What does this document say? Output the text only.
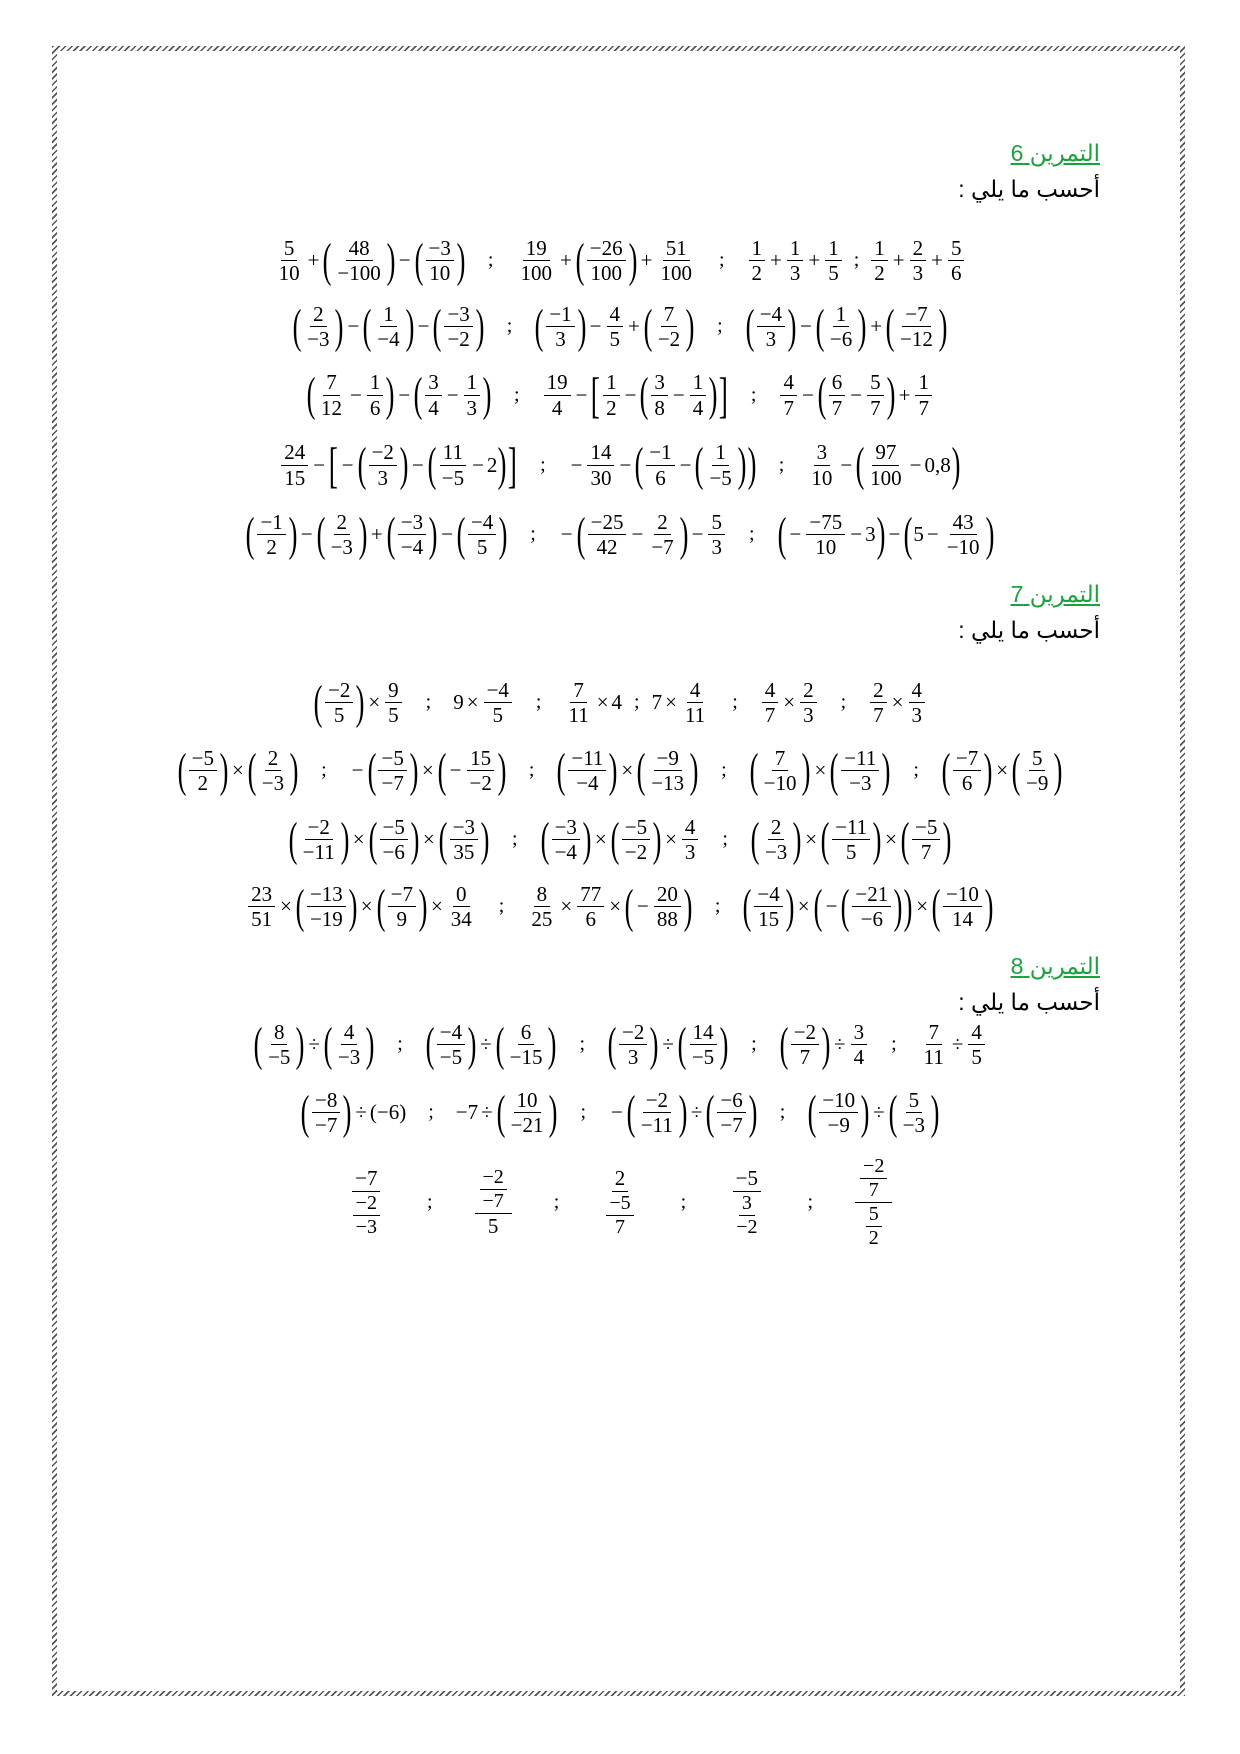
التمرين 6
أحسب ما يلي :
$\frac{5}{10}$ + ( $\frac{48}{-100}$ ) − ( $\frac{-3}{10}$ ) ; $\frac{19}{100}$ + ( $\frac{-26}{100}$ ) + $\frac{51}{100}$ ; $\frac{1}{2} + \frac{1}{3} + \frac{1}{5}$ ; $\frac{1}{2} + \frac{2}{3} + \frac{5}{6}$
( $\frac{2}{-3}$ ) − ( $\frac{1}{-4}$ ) − ( $\frac{-3}{-2}$ ) ; ( $\frac{-1}{3}$ ) − $\frac{4}{5}$ + ( $\frac{7}{-2}$ ) ; ( $\frac{-4}{3}$ ) − ( $\frac{1}{-6}$ ) + ( $\frac{-7}{-12}$ )
( $\frac{7}{12} - \frac{1}{6}$ ) − ( $\frac{3}{4} - \frac{1}{3}$ ) ; $\frac{19}{4}$ − [ $\frac{1}{2}$ − ( $\frac{3}{8} - \frac{1}{4}$ ) ] ; $\frac{4}{7}$ − ( $\frac{6}{7} - \frac{5}{7}$ ) + $\frac{1}{7}$
$\frac{24}{15}$ − [ − ( $\frac{-2}{3}$ ) − ( $\frac{11}{-5} - 2$ ) ] ; − $\frac{14}{30}$ − ( $\frac{-1}{6}$ − ( $\frac{1}{-5}$ ) ) ; $\frac{3}{10}$ − ( $\frac{97}{100} - 0,8$ )
( $\frac{-1}{2}$ ) − ( $\frac{2}{-3}$ ) + ( $\frac{-3}{-4}$ ) − ( $\frac{-4}{5}$ ) ; − ( $\frac{-25}{42} - \frac{2}{-7}$ ) − $\frac{5}{3}$ ; ( − $\frac{-75}{10} - 3$ ) − ( $5 - \frac{43}{-10}$ )
التمرين 7
أحسب ما يلي :
( $\frac{-2}{5}$ ) × $\frac{9}{5}$ ; $9 \times \frac{-4}{5}$ ; $\frac{7}{11} \times 4$ ; $7 \times \frac{4}{11}$ ; $\frac{4}{7} \times \frac{2}{3}$ ; $\frac{2}{7} \times \frac{4}{3}$
( $\frac{-5}{2}$ ) × ( $\frac{2}{-3}$ ) ; − ( $\frac{-5}{-7}$ ) × ( − $\frac{15}{-2}$ ) ; ( $\frac{-11}{-4}$ ) × ( $\frac{-9}{-13}$ ) ; ( $\frac{7}{-10}$ ) × ( $\frac{-11}{-3}$ ) ; ( $\frac{-7}{6}$ ) × ( $\frac{5}{-9}$ )
( $\frac{-2}{-11}$ ) × ( $\frac{-5}{-6}$ ) × ( $\frac{-3}{35}$ ) ; ( $\frac{-3}{-4}$ ) × ( $\frac{-5}{-2}$ ) × $\frac{4}{3}$ ; ( $\frac{2}{-3}$ ) × ( $\frac{-11}{5}$ ) × ( $\frac{-5}{7}$ )
$\frac{23}{51}$ × ( $\frac{-13}{-19}$ ) × ( $\frac{-7}{9}$ ) × $\frac{0}{34}$ ; $\frac{8}{25} \times \frac{77}{6}$ × ( − $\frac{20}{88}$ ) ; ( $\frac{-4}{15}$ ) × ( − ( $\frac{-21}{-6}$ ) ) × ( $\frac{-10}{14}$ )
التمرين 8
أحسب ما يلي :
( $\frac{8}{-5}$ ) ÷ ( $\frac{4}{-3}$ ) ; ( $\frac{-4}{-5}$ ) ÷ ( $\frac{6}{-15}$ ) ; ( $\frac{-2}{3}$ ) ÷ ( $\frac{14}{-5}$ ) ; ( $\frac{-2}{7}$ ) ÷ $\frac{3}{4}$ ; $\frac{7}{11} \div \frac{4}{5}$
( $\frac{-8}{-7}$ ) ÷ (−6) ; −7 ÷ ( $\frac{10}{-21}$ ) ; − ( $\frac{-2}{-11}$ ) ÷ ( $\frac{-6}{-7}$ ) ; ( $\frac{-10}{-9}$ ) ÷ ( $\frac{5}{-3}$ )
$\frac{-7}{\frac{-2}{-3}}$ ; $\frac{\frac{-2}{-7}}{5}$ ; $\frac{2}{\frac{-5}{7}}$ ; $\frac{-5}{\frac{3}{-2}}$ ; $\frac{\frac{-2}{7}}{\frac{5}{2}}$
